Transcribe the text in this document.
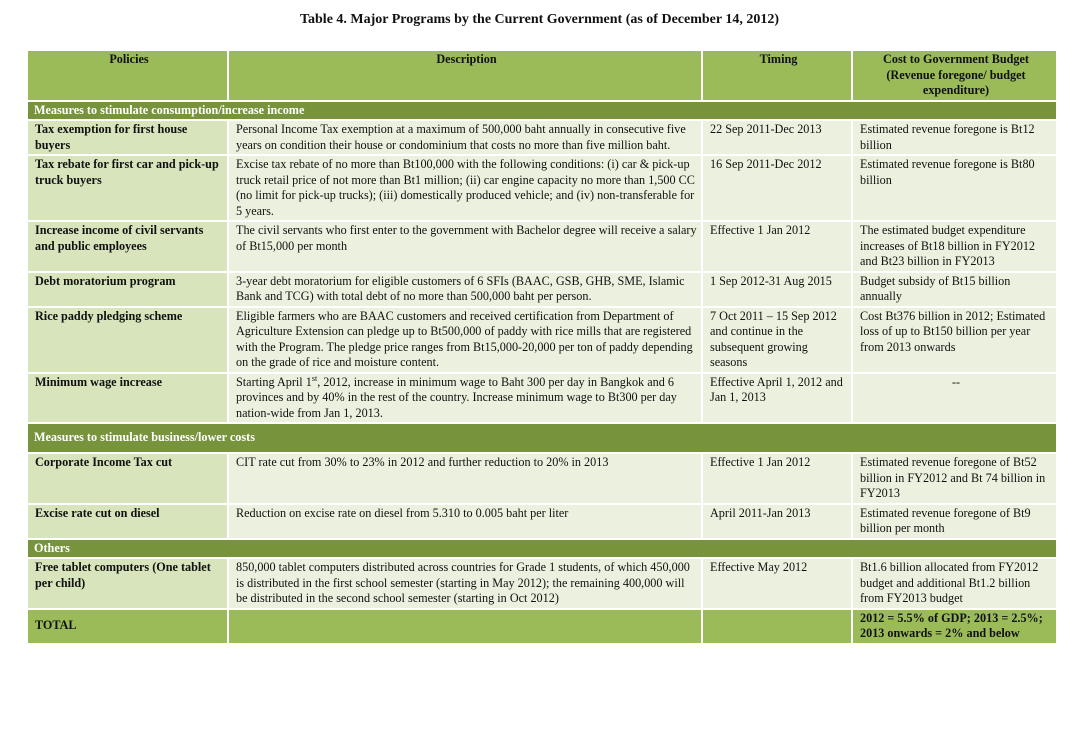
Table 4. Major Programs by the Current Government (as of December 14, 2012)
Policies	Description	Timing	Cost to Government Budget (Revenue foregone/ budget expenditure)
Measures to stimulate consumption/increase income			
Tax exemption for first house buyers	Personal Income Tax exemption at a maximum of 500,000 baht annually in consecutive five years on condition their house or condominium that costs no more than five million baht.	22 Sep 2011-Dec 2013	Estimated revenue foregone is Bt12 billion
Tax rebate for first car and pick-up truck buyers	Excise tax rebate of no more than Bt100,000 with the following conditions: (i) car & pick-up truck retail price of not more than Bt1 million; (ii) car engine capacity no more than 1,500 CC (no limit for pick-up trucks); (iii) domestically produced vehicle; and (iv) non-transferable for 5 years.	16 Sep 2011-Dec 2012	Estimated revenue foregone is Bt80 billion
Increase income of civil servants and public employees	The civil servants who first enter to the government with Bachelor degree will receive a salary of Bt15,000 per month	Effective 1 Jan 2012	The estimated budget expenditure increases of Bt18 billion in FY2012 and Bt23 billion in FY2013
Debt moratorium program	3-year debt moratorium for eligible customers of 6 SFIs (BAAC, GSB, GHB, SME, Islamic Bank and TCG) with total debt of no more than 500,000 baht per person.	1 Sep 2012-31 Aug 2015	Budget subsidy of Bt15 billion annually
Rice paddy pledging scheme	Eligible farmers who are BAAC customers and received certification from Department of Agriculture Extension can pledge up to Bt500,000 of paddy with rice mills that are registered with the Program. The pledge price ranges from Bt15,000-20,000 per ton of paddy depending on the grade of rice and moisture content.	7 Oct 2011 – 15 Sep 2012 and continue in the subsequent growing seasons	Cost Bt376 billion in 2012; Estimated loss of up to Bt150 billion per year from 2013 onwards
Minimum wage increase	Starting April 1st, 2012, increase in minimum wage to Baht 300 per day in Bangkok and 6 provinces and by 40% in the rest of the country. Increase minimum wage to Bt300 per day nation-wide from Jan 1, 2013.	Effective April 1, 2012 and Jan 1, 2013	--
Measures to stimulate business/lower costs			
Corporate Income Tax cut	CIT rate cut from 30% to 23% in 2012 and further reduction to 20% in 2013	Effective 1 Jan 2012	Estimated revenue foregone of Bt52 billion in FY2012 and Bt 74 billion in FY2013
Excise rate cut on diesel	Reduction on excise rate on diesel from 5.310 to 0.005 baht per liter	April 2011-Jan 2013	Estimated revenue foregone of Bt9 billion per month
Others			
Free tablet computers (One tablet per child)	850,000 tablet computers distributed across countries for Grade 1 students, of which 450,000 is distributed in the first school semester (starting in May 2012); the remaining 400,000 will be distributed in the second school semester (starting in Oct 2012)	Effective May 2012	Bt1.6 billion allocated from FY2012 budget and additional Bt1.2 billion from FY2013 budget
TOTAL			2012 = 5.5% of GDP; 2013 = 2.5%; 2013 onwards = 2% and below
